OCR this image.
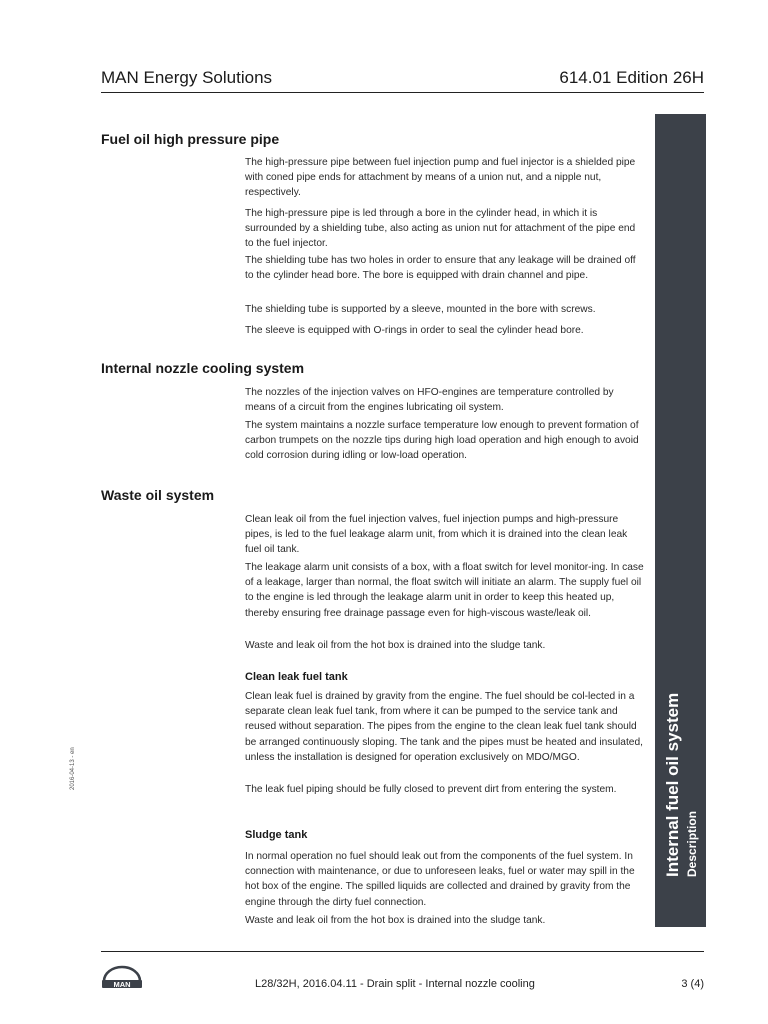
MAN Energy Solutions	614.01 Edition 26H
Internal fuel oil system Description
2016-04-13 - en
Fuel oil high pressure pipe

The high-pressure pipe between fuel injection pump and fuel injector is a shielded pipe with coned pipe ends for attachment by means of a union nut, and a nipple nut, respectively.

The high-pressure pipe is led through a bore in the cylinder head, in which it is surrounded by a shielding tube, also acting as union nut for attachment of the pipe end to the fuel injector.

The shielding tube has two holes in order to ensure that any leakage will be drained off to the cylinder head bore. The bore is equipped with drain channel and pipe.

The shielding tube is supported by a sleeve, mounted in the bore with screws.

The sleeve is equipped with O-rings in order to seal the cylinder head bore.

Internal nozzle cooling system

The nozzles of the injection valves on HFO-engines are temperature controlled by means of a circuit from the engines lubricating oil system.

The system maintains a nozzle surface temperature low enough to prevent formation of carbon trumpets on the nozzle tips during high load operation and high enough to avoid cold corrosion during idling or low-load operation.

Waste oil system

Clean leak oil from the fuel injection valves, fuel injection pumps and high-pressure pipes, is led to the fuel leakage alarm unit, from which it is drained into the clean leak fuel oil tank.

The leakage alarm unit consists of a box, with a float switch for level monitor-ing. In case of a leakage, larger than normal, the float switch will initiate an alarm. The supply fuel oil to the engine is led through the leakage alarm unit in order to keep this heated up, thereby ensuring free drainage passage even for high-viscous waste/leak oil.

Waste and leak oil from the hot box is drained into the sludge tank.

Clean leak fuel tank

Clean leak fuel is drained by gravity from the engine. The fuel should be col-lected in a separate clean leak fuel tank, from where it can be pumped to the service tank and reused without separation. The pipes from the engine to the clean leak fuel tank should be arranged continuously sloping. The tank and the pipes must be heated and insulated, unless the installation is designed for operation exclusively on MDO/MGO.

The leak fuel piping should be fully closed to prevent dirt from entering the system.

Sludge tank

In normal operation no fuel should leak out from the components of the fuel system. In connection with maintenance, or due to unforeseen leaks, fuel or water may spill in the hot box of the engine. The spilled liquids are collected and drained by gravity from the engine through the dirty fuel connection.

Waste and leak oil from the hot box is drained into the sludge tank.

MAN	L28/32H, 2016.04.11 - Drain split - Internal nozzle cooling	3 (4)
